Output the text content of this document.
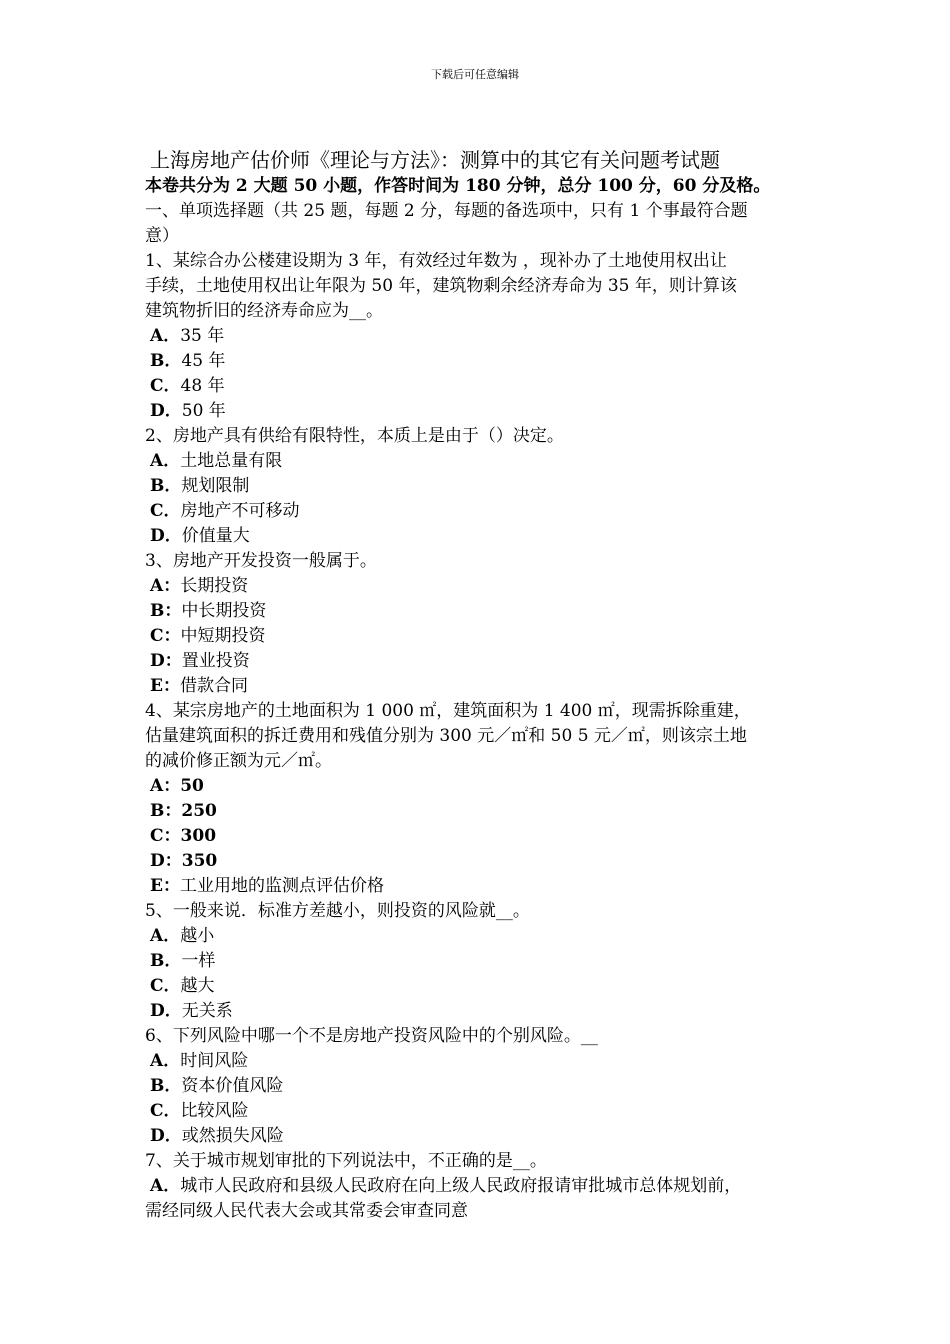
下载后可任意编辑
上海房地产估价师《理论与方法》：测算中的其它有关问题考试题
本卷共分为 2 大题 50 小题，作答时间为 180 分钟，总分 100 分，60 分及格。
一、单项选择题（共 25 题，每题 2 分，每题的备选项中，只有 1 个事最符合题
意）
1、某综合办公楼建设期为 3 年，有效经过年数为 ，现补办了土地使用权出让
手续，土地使用权出让年限为 50 年，建筑物剩余经济寿命为 35 年，则计算该
建筑物折旧的经济寿命应为__。
A．35 年
B．45 年
C．48 年
D．50 年
2、房地产具有供给有限特性，本质上是由于（）决定。
A．土地总量有限
B．规划限制
C．房地产不可移动
D．价值量大
3、房地产开发投资一般属于。
A：长期投资
B：中长期投资
C：中短期投资
D：置业投资
E：借款合同
4、某宗房地产的土地面积为 1 000 ㎡，建筑面积为 1 400 ㎡，现需拆除重建，
估量建筑面积的拆迁费用和残值分别为 300 元／㎡和 50 5 元／㎡，则该宗土地
的减价修正额为元／㎡。
A：50
B：250
C：300
D：350
E：工业用地的监测点评估价格
5、一般来说．标准方差越小，则投资的风险就__。
A．越小
B．一样
C．越大
D．无关系
6、下列风险中哪一个不是房地产投资风险中的个别风险。__
A．时间风险
B．资本价值风险
C．比较风险
D．或然损失风险
7、关于城市规划审批的下列说法中，不正确的是__。
A．城市人民政府和县级人民政府在向上级人民政府报请审批城市总体规划前，
需经同级人民代表大会或其常委会审查同意
